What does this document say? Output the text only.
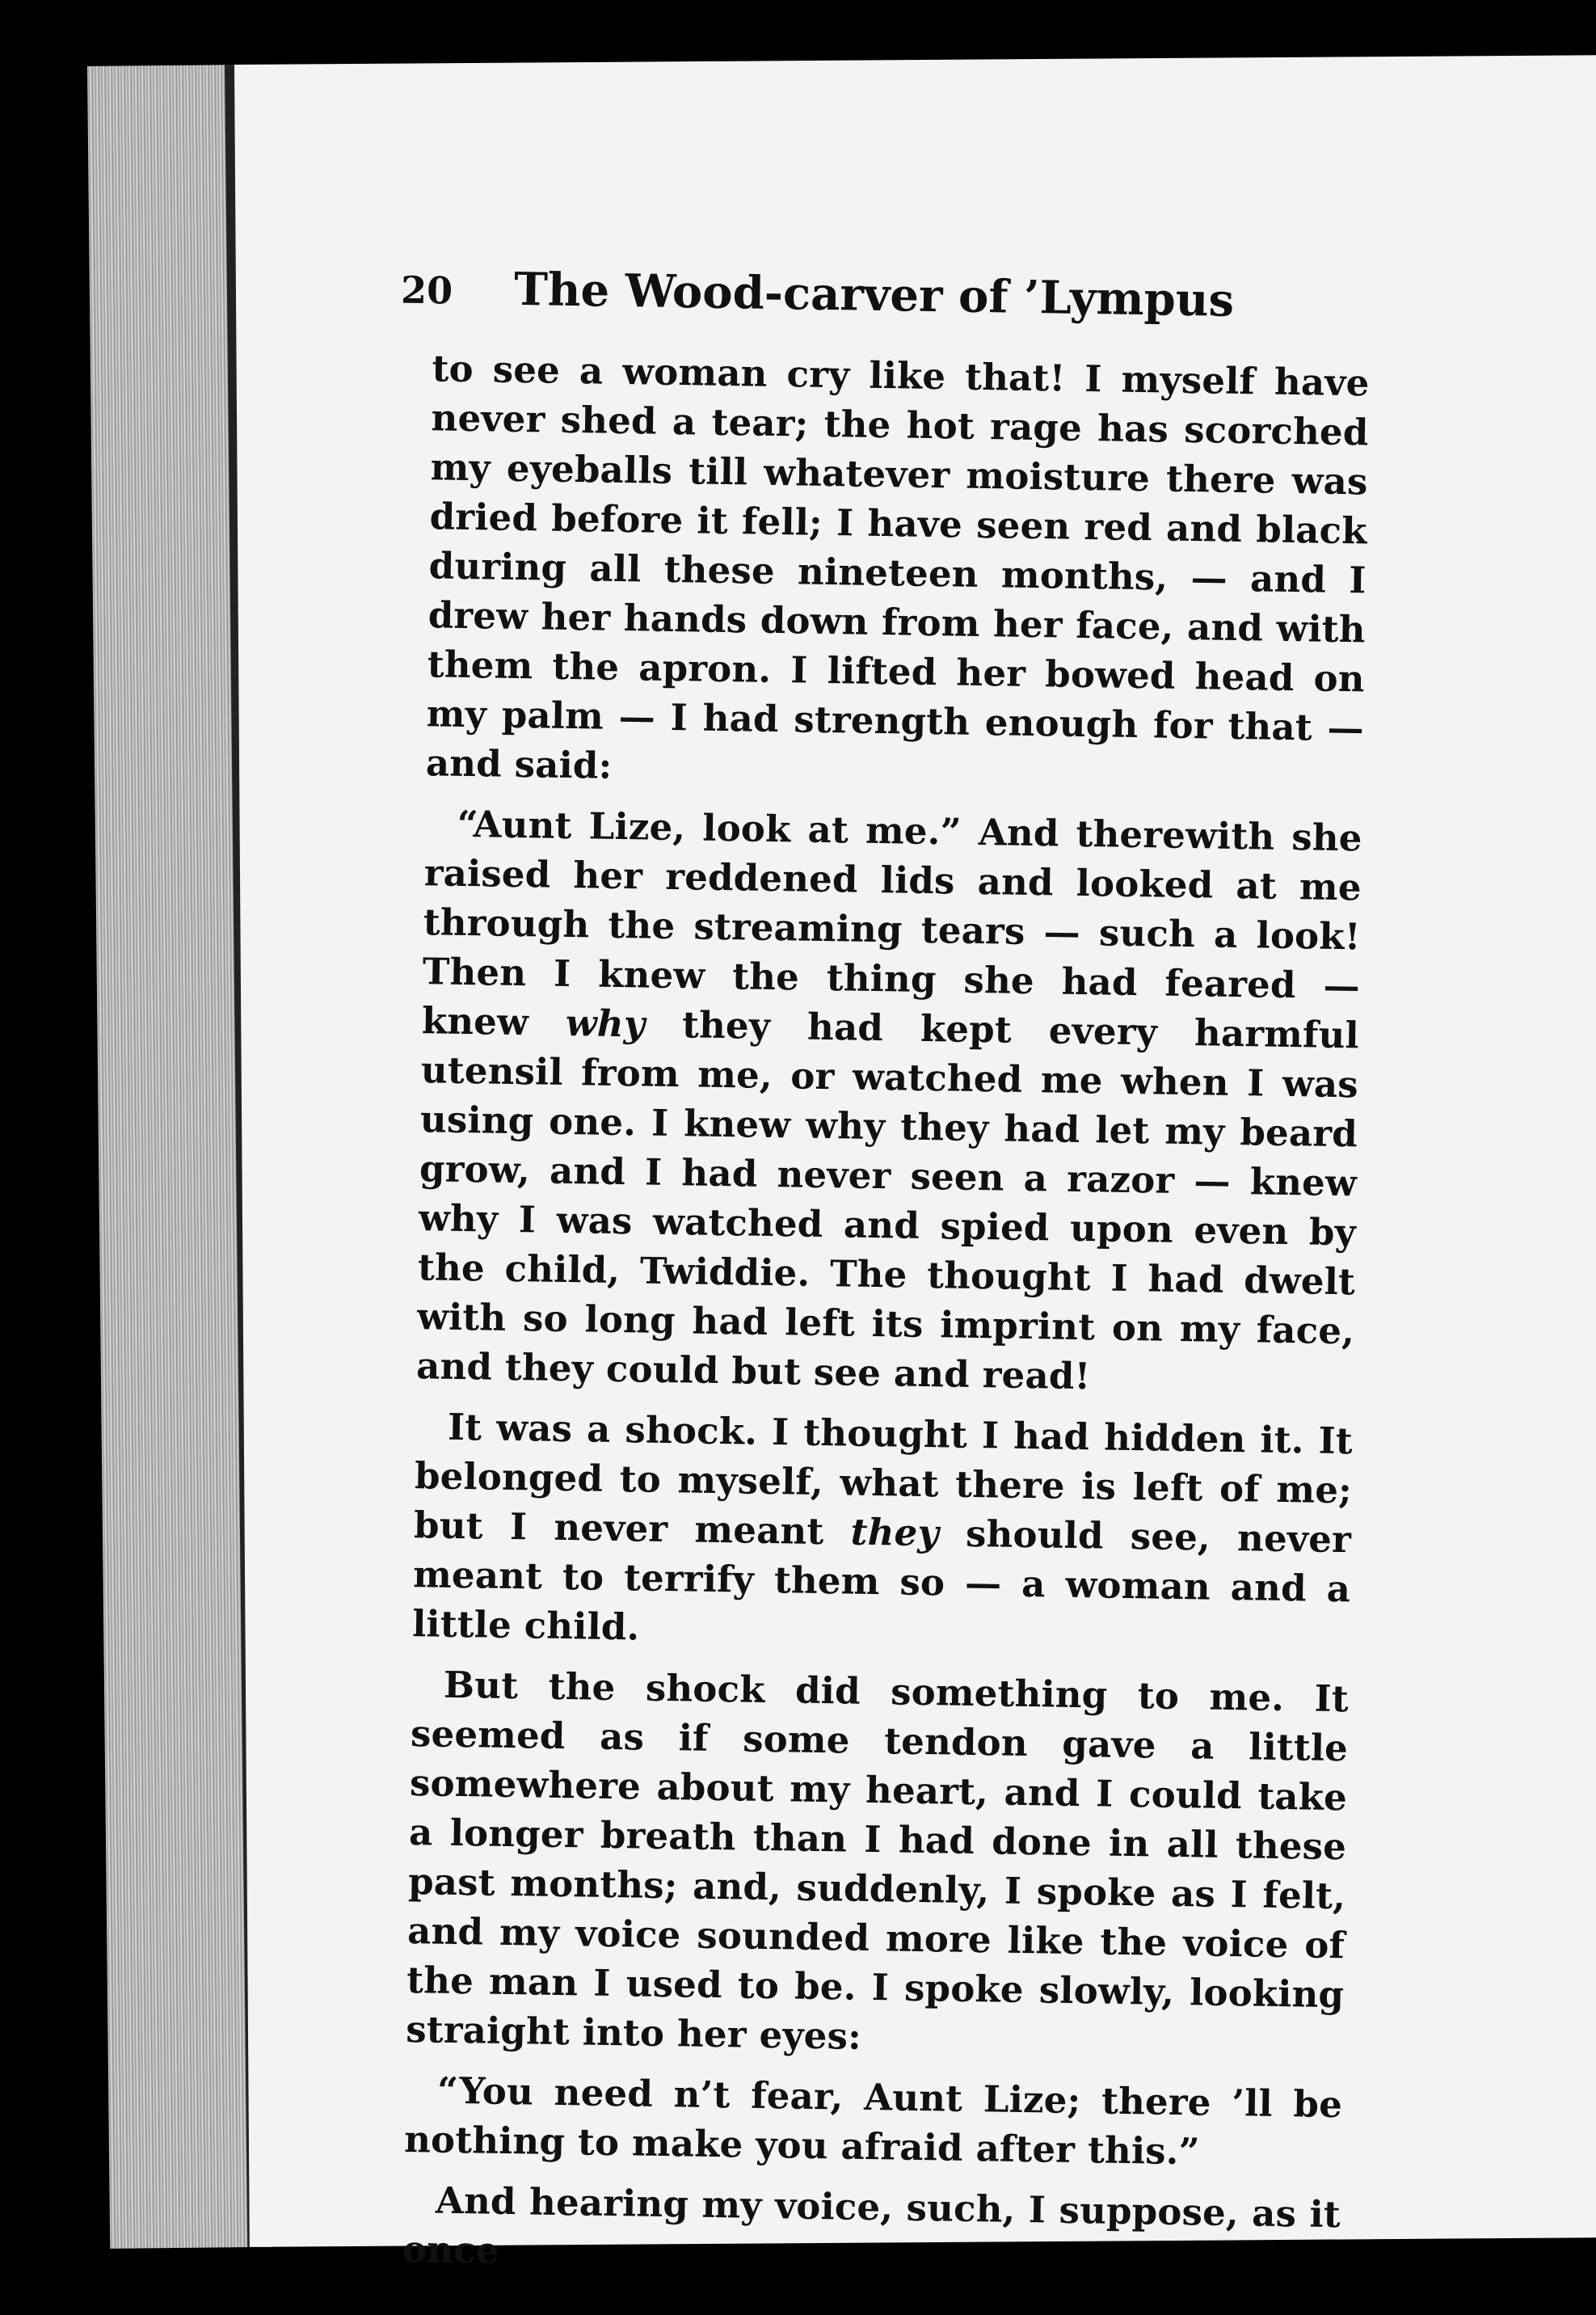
20	The Wood-carver of ’Lympus

to see a woman cry like that! I myself have never shed a tear; the hot rage has scorched my eyeballs till whatever moisture there was dried before it fell; I have seen red and black during all these nineteen months, — and I drew her hands down from her face, and with them the apron. I lifted her bowed head on my palm — I had strength enough for that — and said:

“Aunt Lize, look at me.” And therewith she raised her reddened lids and looked at me through the streaming tears — such a look! Then I knew the thing she had feared — knew why they had kept every harmful utensil from me, or watched me when I was using one. I knew why they had let my beard grow, and I had never seen a razor — knew why I was watched and spied upon even by the child, Twiddie. The thought I had dwelt with so long had left its imprint on my face, and they could but see and read!

It was a shock. I thought I had hidden it. It belonged to myself, what there is left of me; but I never meant they should see, never meant to terrify them so — a woman and a little child.

But the shock did something to me. It seemed as if some tendon gave a little somewhere about my heart, and I could take a longer breath than I had done in all these past months; and, suddenly, I spoke as I felt, and my voice sounded more like the voice of the man I used to be. I spoke slowly, looking straight into her eyes:

“You need n’t fear, Aunt Lize; there ’ll be nothing to make you afraid after this.”

And hearing my voice, such, I suppose, as it once
